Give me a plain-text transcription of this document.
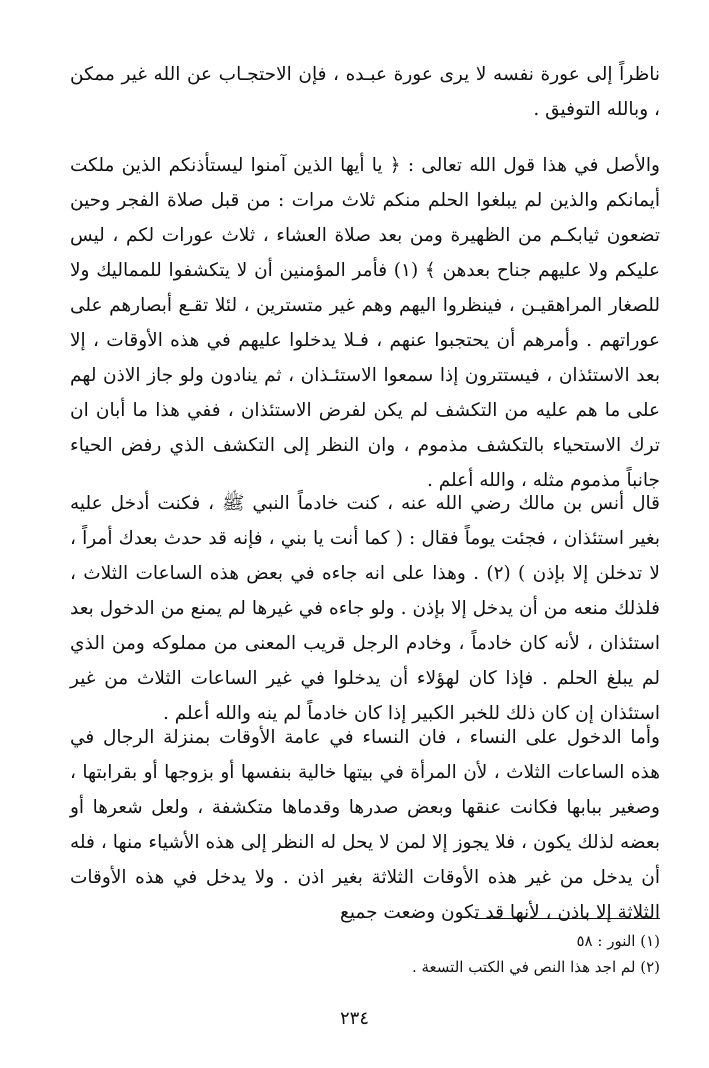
ناظراً إلى عورة نفسه لا يرى عورة عبـده ، فإن الاحتجـاب عن الله غير ممكن ، وبالله التوفيق .

والأصل في هذا قول الله تعالى : ﴿ يا أيها الذين آمنوا ليستأذنكم الذين ملكت أيمانكم والذين لم يبلغوا الحلم منكم ثلاث مرات : من قبل صلاة الفجر وحين تضعون ثيابكـم من الظهيرة ومن بعد صلاة العشاء ، ثلاث عورات لكم ، ليس عليكم ولا عليهم جناح بعدهن ﴾ (١) فأمر المؤمنين أن لا يتكشفوا للمماليك ولا للصغار المراهقيـن ، فينظروا اليهم وهم غير متسترين ، لئلا تقـع أبصارهم على عوراتهم . وأمرهم أن يحتجبوا عنهم ، فـلا يدخلوا عليهم في هذه الأوقات ، إلا بعد الاستئذان ، فيستترون إذا سمعوا الاستئـذان ، ثم ينادون ولو جاز الاذن لهم على ما هم عليه من التكشف لم يكن لفرض الاستئذان ، ففي هذا ما أبان ان ترك الاستحياء بالتكشف مذموم ، وان النظر إلى التكشف الذي رفض الحياء جانباً مذموم مثله ، والله أعلم .

قال أنس بن مالك رضي الله عنه ، كنت خادماً النبي ﷺ ، فكنت أدخل عليه بغير استئذان ، فجئت يوماً فقال : ( كما أنت يا بني ، فإنه قد حدث بعدك أمراً ، لا تدخلن إلا بإذن ) (٢) . وهذا على انه جاءه في بعض هذه الساعات الثلاث ، فلذلك منعه من أن يدخل إلا بإذن . ولو جاءه في غيرها لم يمنع من الدخول بعد استئذان ، لأنه كان خادماً ، وخادم الرجل قريب المعنى من مملوكه ومن الذي لم يبلغ الحلم . فإذا كان لهؤلاء أن يدخلوا في غير الساعات الثلاث من غير استئذان إن كان ذلك للخبر الكبير إذا كان خادماً لم ينه والله أعلم .

وأما الدخول على النساء ، فان النساء في عامة الأوقات بمنزلة الرجال في هذه الساعات الثلاث ، لأن المرأة في بيتها خالية بنفسها أو بزوجها أو بقرابتها ، وصغير ببابها فكانت عنقها وبعض صدرها وقدماها متكشفة ، ولعل شعرها أو بعضه لذلك يكون ، فلا يجوز إلا لمن لا يحل له النظر إلى هذه الأشياء منها ، فله أن يدخل من غير هذه الأوقات الثلاثة بغير اذن . ولا يدخل في هذه الأوقات الثلاثة إلا باذن ، لأنها قد تكون وضعت جميع

(١) النور : ٥٨
(٢) لم اجد هذا النص في الكتب التسعة .
٢٣٤
